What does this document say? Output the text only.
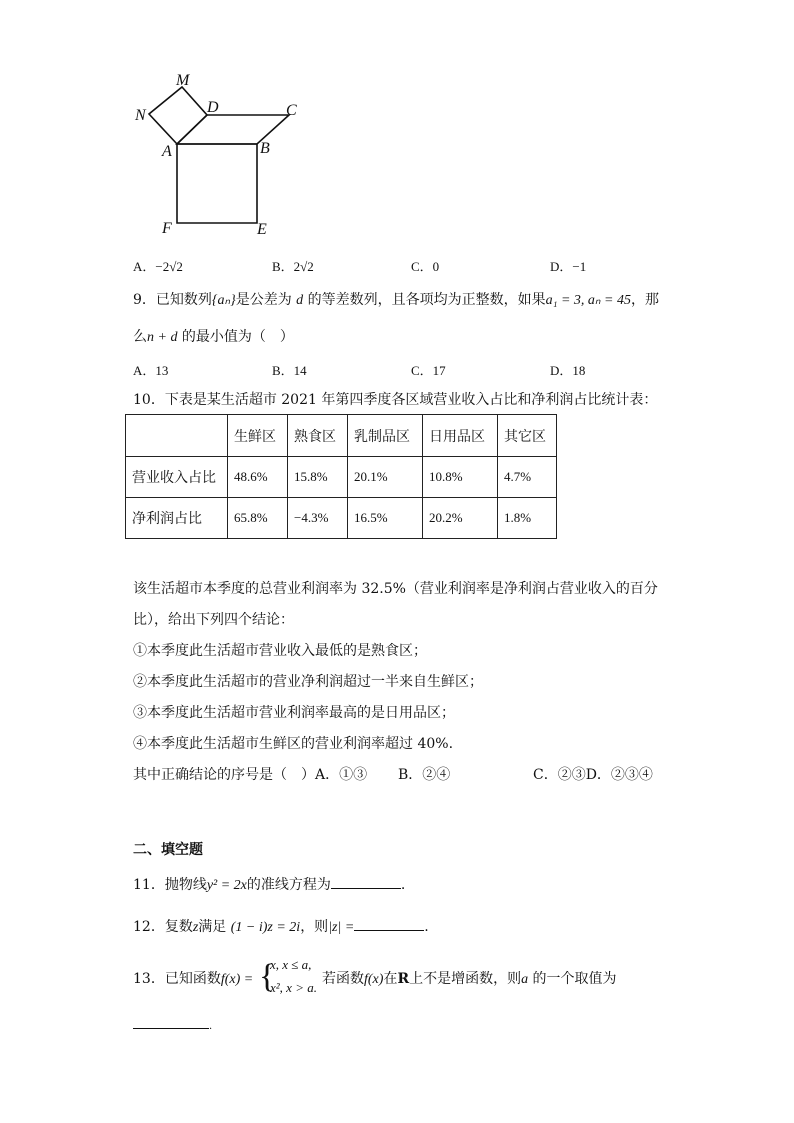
M
N	D	C
A	B
F	E
A．−2√2	B．2√2	C．0	D．−1
9．已知数列{aₙ}是公差为 d 的等差数列，且各项均为正整数，如果a₁ = 3, aₙ = 45，那
么n + d 的最小值为（　）
A．13	B．14	C．17	D．18
10．下表是某生活超市 2021 年第四季度各区域营业收入占比和净利润占比统计表：
	生鲜区	熟食区	乳制品区	日用品区	其它区
营业收入占比	48.6%	15.8%	20.1%	10.8%	4.7%
净利润占比	65.8%	−4.3%	16.5%	20.2%	1.8%
该生活超市本季度的总营业利润率为 32.5%（营业利润率是净利润占营业收入的百分
比），给出下列四个结论：
①本季度此生活超市营业收入最低的是熟食区；
②本季度此生活超市的营业净利润超过一半来自生鲜区；
③本季度此生活超市营业利润率最高的是日用品区；
④本季度此生活超市生鲜区的营业利润率超过 40%.
其中正确结论的序号是（　）A．①③ B．②④	C．②③D．②③④
二、填空题
11．抛物线y² = 2x的准线方程为	.
12．复数z满足 (1 − i)z = 2i，则|z| =	.
13．已知函数f(x) = {
x, x ≤ a,
x², x > a.
若函数f(x)在R上不是增函数，则a 的一个取值为
.
